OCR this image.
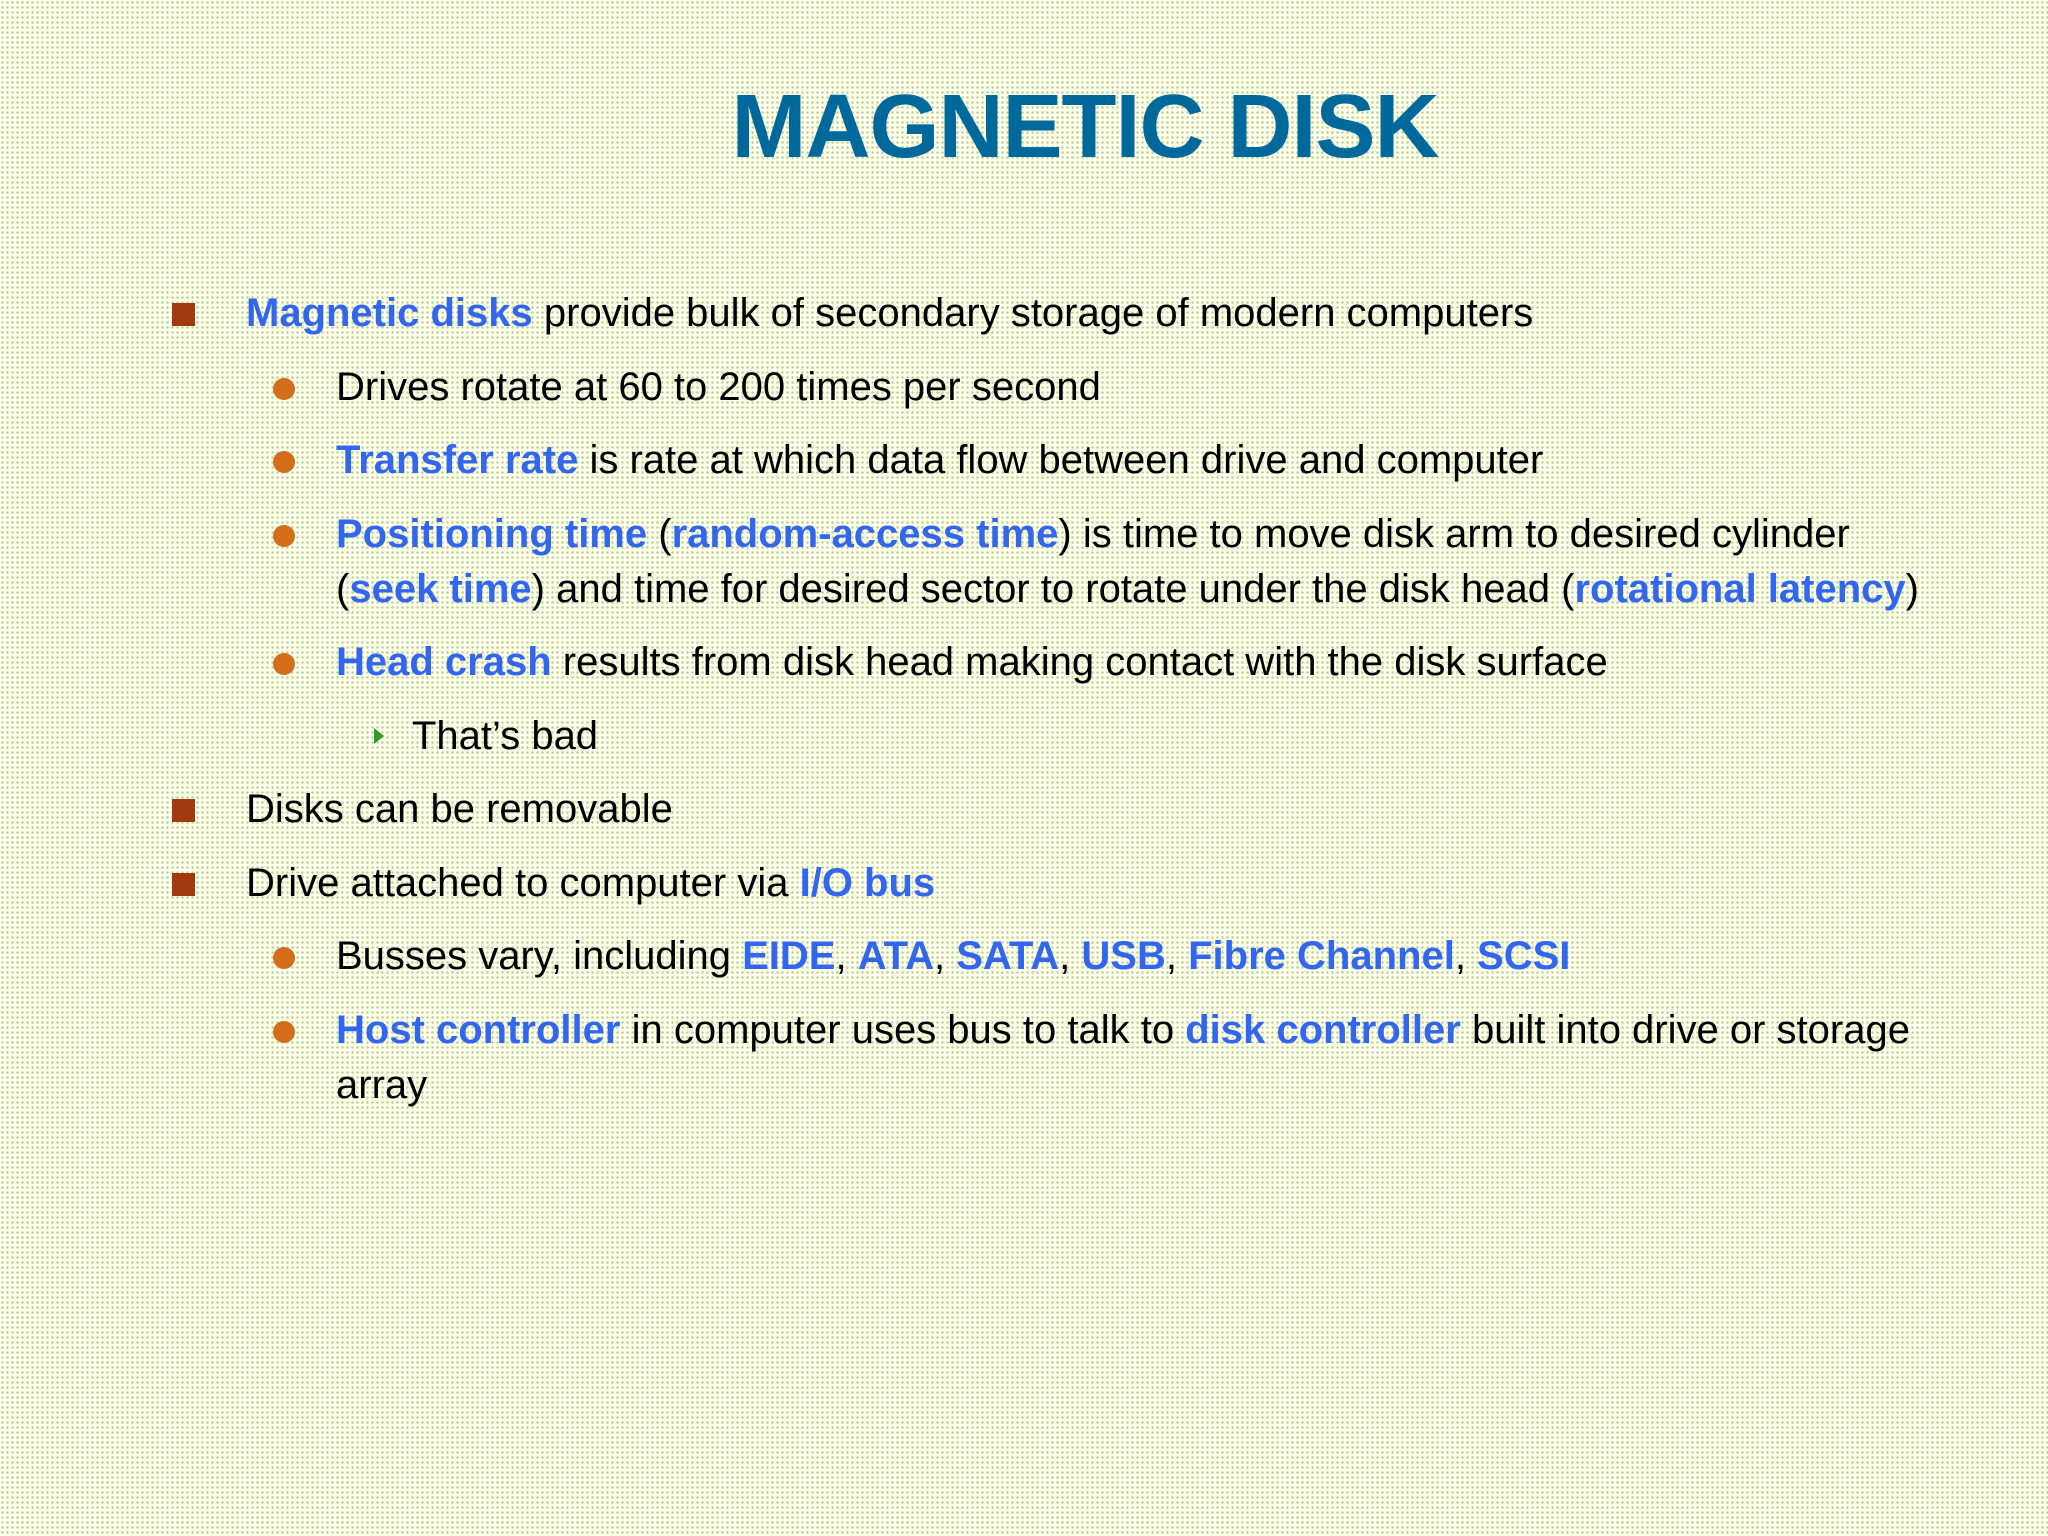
MAGNETIC DISK
Magnetic disks provide bulk of secondary storage of modern computers
Drives rotate at 60 to 200 times per second
Transfer rate is rate at which data flow between drive and computer
Positioning time (random-access time) is time to move disk arm to desired cylinder (seek time) and time for desired sector to rotate under the disk head (rotational latency)
Head crash results from disk head making contact with the disk surface
That’s bad
Disks can be removable
Drive attached to computer via I/O bus
Busses vary, including EIDE, ATA, SATA, USB, Fibre Channel, SCSI
Host controller in computer uses bus to talk to disk controller built into drive or storage array
